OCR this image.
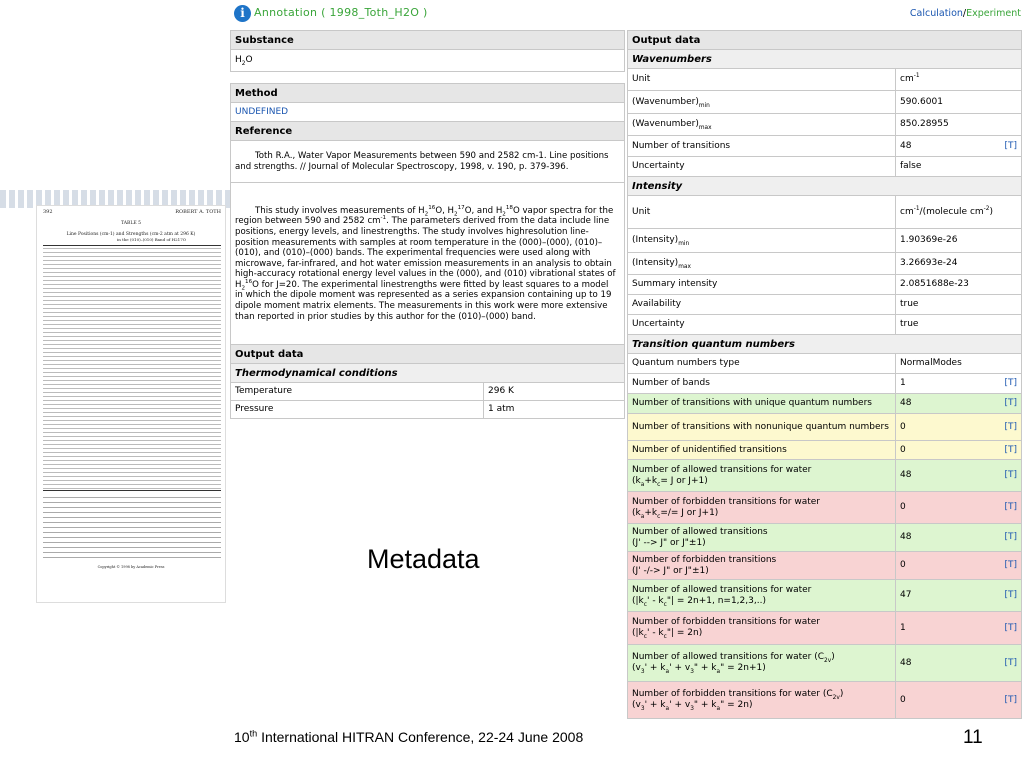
392	ROBERT A. TOTH
TABLE 5
Line Positions (cm-1) and Strengths (cm-2 atm at 296 K)
in the (010)–(010) Band of H217O
Copyright © 1998 by Academic Press	Metadata
i Annotation ( 1998_Toth_H2O )	Calculation/Experiment
Substance	
$H_2O$	

Method	
UNDEFINED	
Reference	
Toth R.A., Water Vapor Measurements between 590 and 2582 cm-1. Line positions and strengths. // Journal of Molecular Spectroscopy, 1998, v. 190, p. 379-396.	
This study involves measurements of $H_2^{16}O$, $H_2^{17}O$, and $H_2^{18}O$ vapor spectra for the region between 590 and 2582 $cm^{-1}$. The parameters derived from the data include line positions, energy levels, and linestrengths. The study involves highresolution line-position measurements with samples at room temperature in the (000)–(000), (010)–(010), and (010)–(000) bands. The experimental frequencies were used along with microwave, far-infrared, and hot water emission measurements in an analysis to obtain high-accuracy rotational energy level values in the (000), and (010) vibrational states of $H_2^{16}O$ for J=20. The experimental linestrengths were fitted by least squares to a model in which the dipole moment was represented as a series expansion containing up to 19 dipole moment matrix elements. The measurements in this work were more extensive than reported in prior studies by this author for the (010)–(000) band.	
Output data	
Thermodynamical conditions	
Temperature	296 K
Pressure	1 atm
Output data	
Wavenumbers	
Unit	$cm^{-1}$
$(Wavenumber)_{min}$	590.6001
$(Wavenumber)_{max}$	850.28955
Number of transitions	48 [T]

Uncertainty	false
Intensity	
Unit	$cm^{-1}/(molecule$ $cm^{-2}$)
$(Intensity)_{min}$	1.90369e-26
$(Intensity)_{max}$	3.26693e-24
Summary intensity	2.0851688e-23
Availability	true
Uncertainty	true
Transition quantum numbers	
Quantum numbers type	NormalModes
Number of bands	1 [T]

Number of transitions with unique quantum numbers	48 [T]

Number of transitions with nonunique quantum numbers	0 [T]

Number of unidentified transitions	0 [T]

Number of allowed transitions for water
($k_a+k_c= J$ or J+1)	48 [T]

Number of forbidden transitions for water
($k_a+k_c=/= J$ or J+1)	0 [T]

Number of allowed transitions
(J' --> J" or J"±1)	48 [T]

Number of forbidden transitions
(J' -/-> J" or J"±1)	0 [T]

Number of allowed transitions for water
($|k_c'$ - $k_c"| = 2n+1$, n=1,2,3,..)	47 [T]

Number of forbidden transitions for water
($|k_c'$ - $k_c"| = 2n$)	1 [T]

Number of allowed transitions for water $(C_{2v})$
($v_3' + k_a' + v_3$" + $k_a$" = 2n+1)	48 [T]

Number of forbidden transitions for water $(C_{2v})$
($v_3' + k_a' + v_3$" + $k_a$" = 2n)	0 [T]
10th International HITRAN Conference, 22-24 June 2008	11
